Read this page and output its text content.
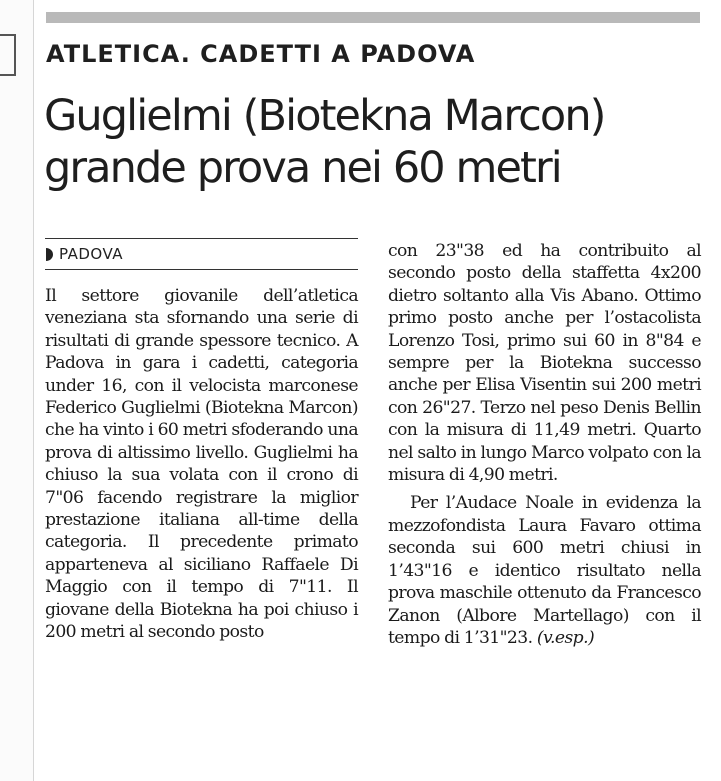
ATLETICA. CADETTI A PADOVA
Guglielmi (Biotekna Marcon)
grande prova nei 60 metri
PADOVA

Il settore giovanile dell’atletica veneziana sta sfornando una serie di risultati di grande spessore tecnico. A Padova in gara i cadetti, categoria under 16, con il velocista marconese Federico Guglielmi (Biotekna Marcon) che ha vinto i 60 metri sfoderando una prova di altissimo livello. Guglielmi ha chiuso la sua volata con il crono di 7"06 facendo registrare la miglior prestazione italiana all-time della categoria. Il precedente primato apparteneva al siciliano Raffaele Di Maggio con il tempo di 7"11. Il giovane della Biotekna ha poi chiuso i 200 metri al secondo posto

con 23"38 ed ha contribuito al secondo posto della staffetta 4x200 dietro soltanto alla Vis Abano. Ottimo primo posto anche per l’ostacolista Lorenzo Tosi, primo sui 60 in 8"84 e sempre per la Biotekna successo anche per Elisa Visentin sui 200 metri con 26"27. Terzo nel peso Denis Bellin con la misura di 11,49 metri. Quarto nel salto in lungo Marco volpato con la misura di 4,90 metri.

Per l’Audace Noale in evidenza la mezzofondista Laura Favaro ottima seconda sui 600 metri chiusi in 1’43"16 e identico risultato nella prova maschile ottenuto da Francesco Zanon (Albore Martellago) con il tempo di 1’31"23. (v.esp.)
